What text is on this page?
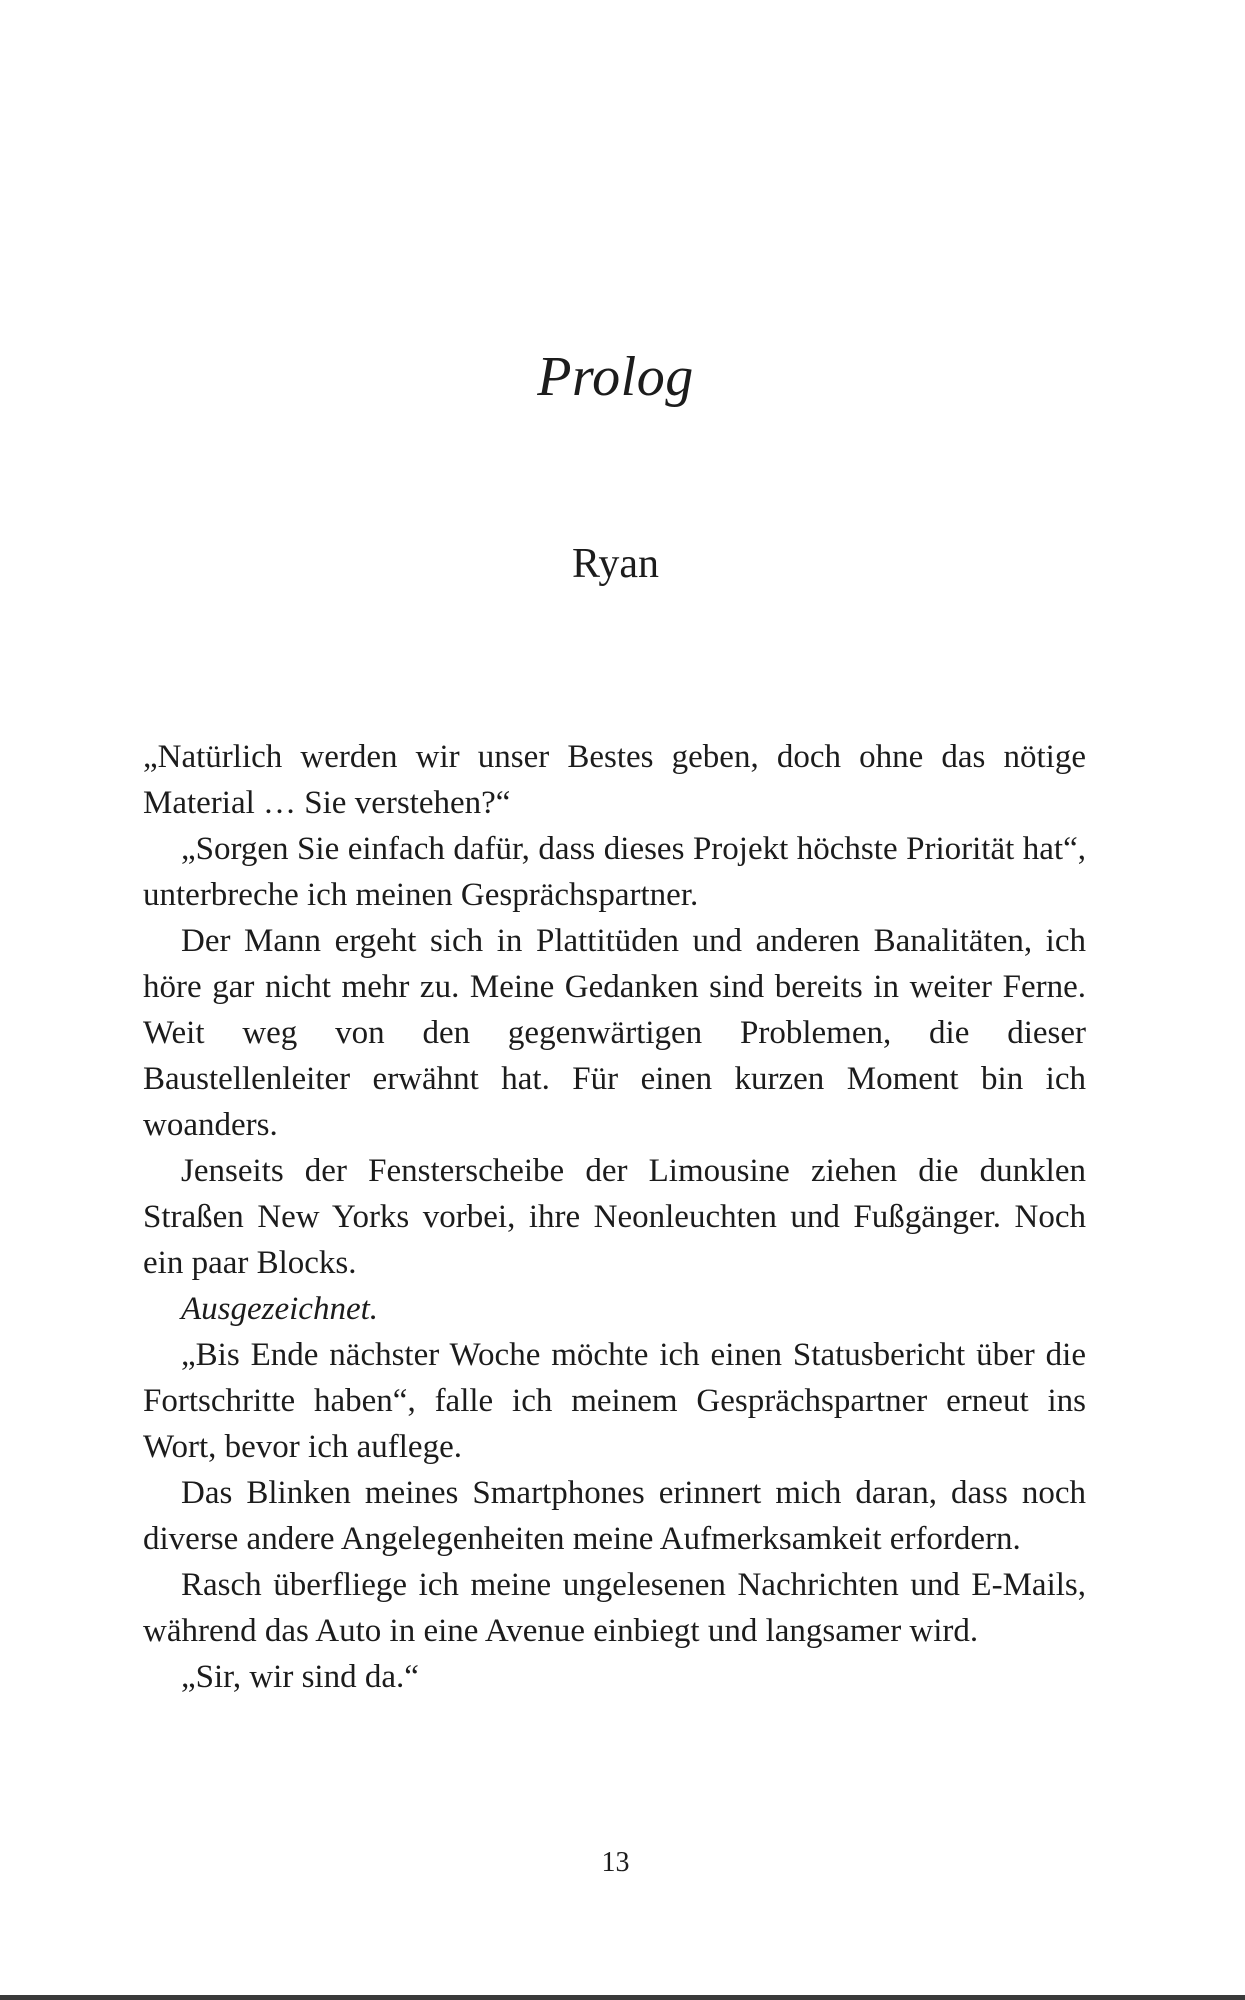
Prolog
Ryan

„Natürlich werden wir unser Bestes geben, doch ohne das nötige Material … Sie verstehen?“

„Sorgen Sie einfach dafür, dass dieses Projekt höchste Priorität hat“, unterbreche ich meinen Gesprächspartner.

Der Mann ergeht sich in Plattitüden und anderen Banalitäten, ich höre gar nicht mehr zu. Meine Gedanken sind bereits in weiter Ferne. Weit weg von den gegenwärtigen Problemen, die dieser Baustellenleiter erwähnt hat. Für einen kurzen Moment bin ich woanders.

Jenseits der Fensterscheibe der Limousine ziehen die dunklen Straßen New Yorks vorbei, ihre Neonleuchten und Fußgänger. Noch ein paar Blocks.

Ausgezeichnet.

„Bis Ende nächster Woche möchte ich einen Statusbericht über die Fortschritte haben“, falle ich meinem Gesprächspartner erneut ins Wort, bevor ich auflege.

Das Blinken meines Smartphones erinnert mich daran, dass noch diverse andere Angelegenheiten meine Aufmerksamkeit erfordern.

Rasch überfliege ich meine ungelesenen Nachrichten und E-Mails, während das Auto in eine Avenue einbiegt und langsamer wird.

„Sir, wir sind da.“

13
